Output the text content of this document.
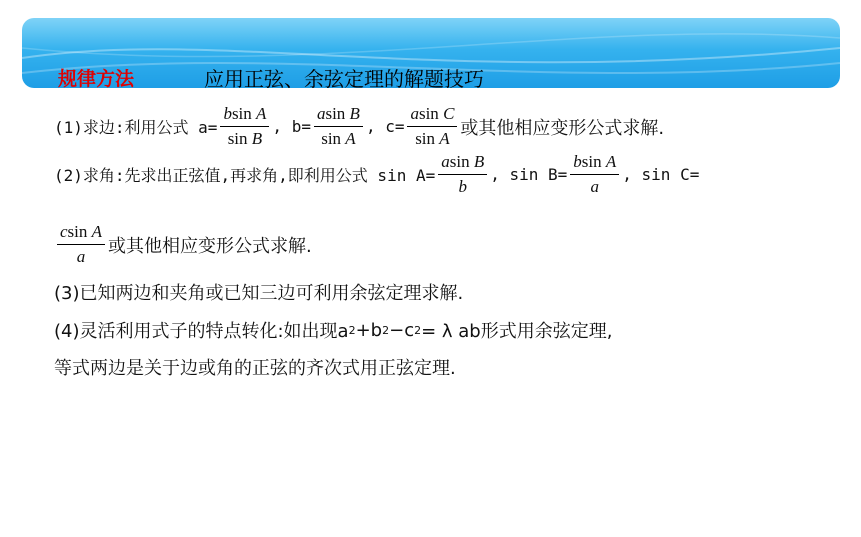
规律方法	应用正弦、余弦定理的解题技巧
(1)求边:利用公式 $a= \frac{\text{bsin A}}{\text{sin B}}$ , $b= \frac{\text{asin B}}{\text{sin A}}$ , $c= \frac{\text{asin C}}{\text{sin A}}$ 或其他相应变形公式求解.
(2)求角:先求出正弦值,再求角,即利用公式 $\sin A= \frac{\text{asin B}}{b}$ , $\sin B= \frac{\text{bsin A}}{a}$ , sin C=
$\frac{\text{csin A}}{a}$ 或其他相应变形公式求解.
(3)已知两边和夹角或已知三边可利用余弦定理求解.
(4)灵活利用式子的特点转化:如出现a 2 +b 2 −c 2 = λ ab形式用余弦定理,
等式两边是关于边或角的正弦的齐次式用正弦定理.
